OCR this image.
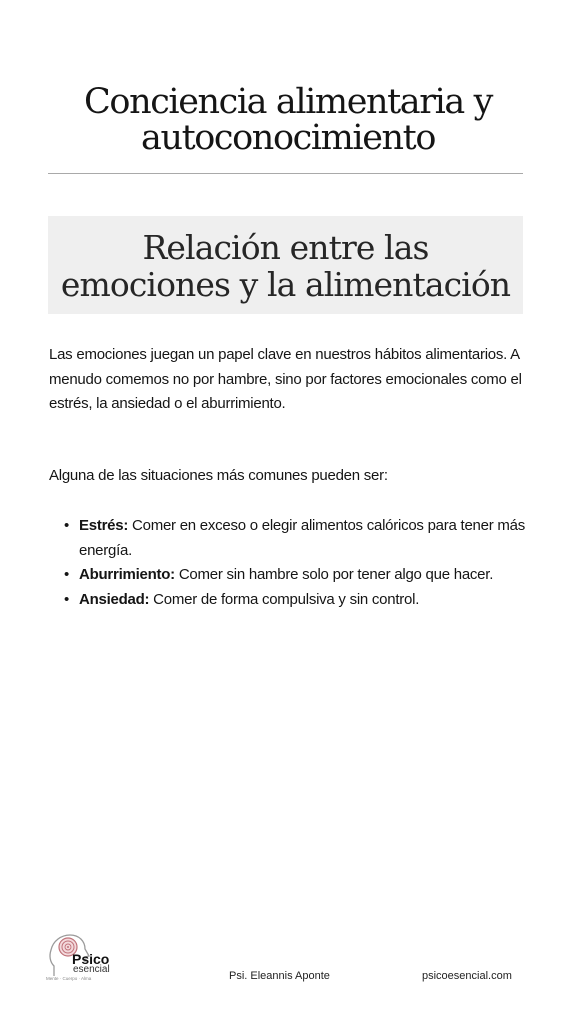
Conciencia alimentaria y
autoconocimiento
Relación entre las
emociones y la alimentación

Las emociones juegan un papel clave en nuestros hábitos alimentarios. A menudo comemos no por hambre, sino por factores emocionales como el estrés, la ansiedad o el aburrimiento.

Alguna de las situaciones más comunes pueden ser:

• Estrés: Comer en exceso o elegir alimentos calóricos para tener más energía.
• Aburrimiento: Comer sin hambre solo por tener algo que hacer.
• Ansiedad: Comer de forma compulsiva y sin control.
Psico
esencial
Mente · Cuerpo · Alma	Psi. Eleannis Aponte	psicoesencial.com
